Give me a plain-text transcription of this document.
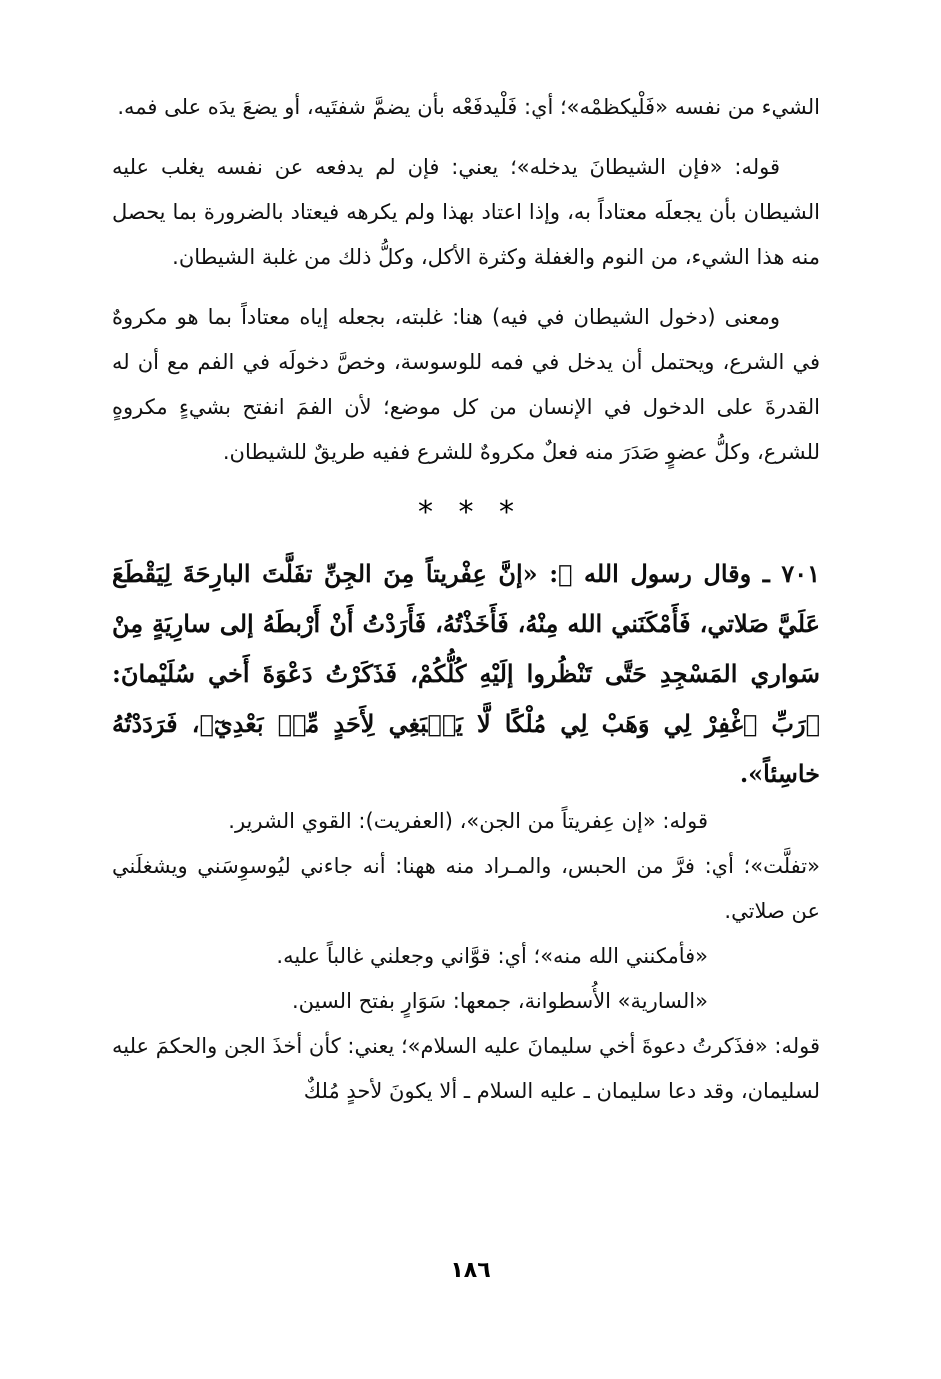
الشيء من نفسه «فَلْيكظمْه»؛ أي: فَلْيدفَعْه بأن يضمَّ شفتَيه، أو يضعَ يدَه على فمه.

قوله: «فإن الشيطانَ يدخله»؛ يعني: فإن لم يدفعه عن نفسه يغلب عليه الشيطان بأن يجعلَه معتاداً به، وإذا اعتاد بهذا ولم يكرهه فيعتاد بالضرورة بما يحصل منه هذا الشيء، من النوم والغفلة وكثرة الأكل، وكلُّ ذلك من غلبة الشيطان.

ومعنى (دخول الشيطان في فيه) هنا: غلبته، بجعله إياه معتاداً بما هو مكروهٌ في الشرع، ويحتمل أن يدخل في فمه للوسوسة، وخصَّ دخولَه في الفم مع أن له القدرةَ على الدخول في الإنسان من كل موضع؛ لأن الفمَ انفتح بشيءٍ مكروهٍ للشرع، وكلُّ عضوٍ صَدَرَ منه فعلٌ مكروهٌ للشرع ففيه طريقٌ للشيطان.

* * *

٧٠١ ـ وقال رسول الله ﷺ: «إنَّ عِفْريتاً مِنَ الجِنِّ تفَلَّتَ البارِحَةَ لِيَقْطَعَ عَلَيَّ صَلاتي، فَأَمْكَنَني الله مِنْهُ، فَأَخَذْتُهُ، فَأَرَدْتُ أَنْ أَرْبطَهُ إلى سارِيَةٍ مِنْ سَواري المَسْجِدِ حَتَّى تَنْظُروا إلَيْهِ كُلُّكُمْ، فَذَكَرْتُ دَعْوَةَ أَخي سُلَيْمانَ: ﴿رَبِّ ٱغْفِرْ لِي وَهَبْ لِي مُلْكًا لَّا يَنۢبَغِي لِأَحَدٍ مِّنۢ بَعْدِيٓ﴾، فَرَدَدْتُهُ خاسِئاً».

قوله: «إن عِفريتاً من الجن»، (العفريت): القوي الشرير.

«تفلَّت»؛ أي: فرَّ من الحبس، والمـراد منه ههنا: أنه جاءني ليُوسوِسَني ويشغلَني عن صلاتي.

«فأمكنني الله منه»؛ أي: قوَّاني وجعلني غالباً عليه.

«السارية» الأُسطوانة، جمعها: سَوَارٍ بفتح السين.

قوله: «فذَكرتُ دعوةَ أخي سليمانَ عليه السلام»؛ يعني: كأن أخذَ الجن والحكمَ عليه لسليمان، وقد دعا سليمان ـ عليه السلام ـ ألا يكونَ لأحدٍ مُلكٌ

١٨٦
